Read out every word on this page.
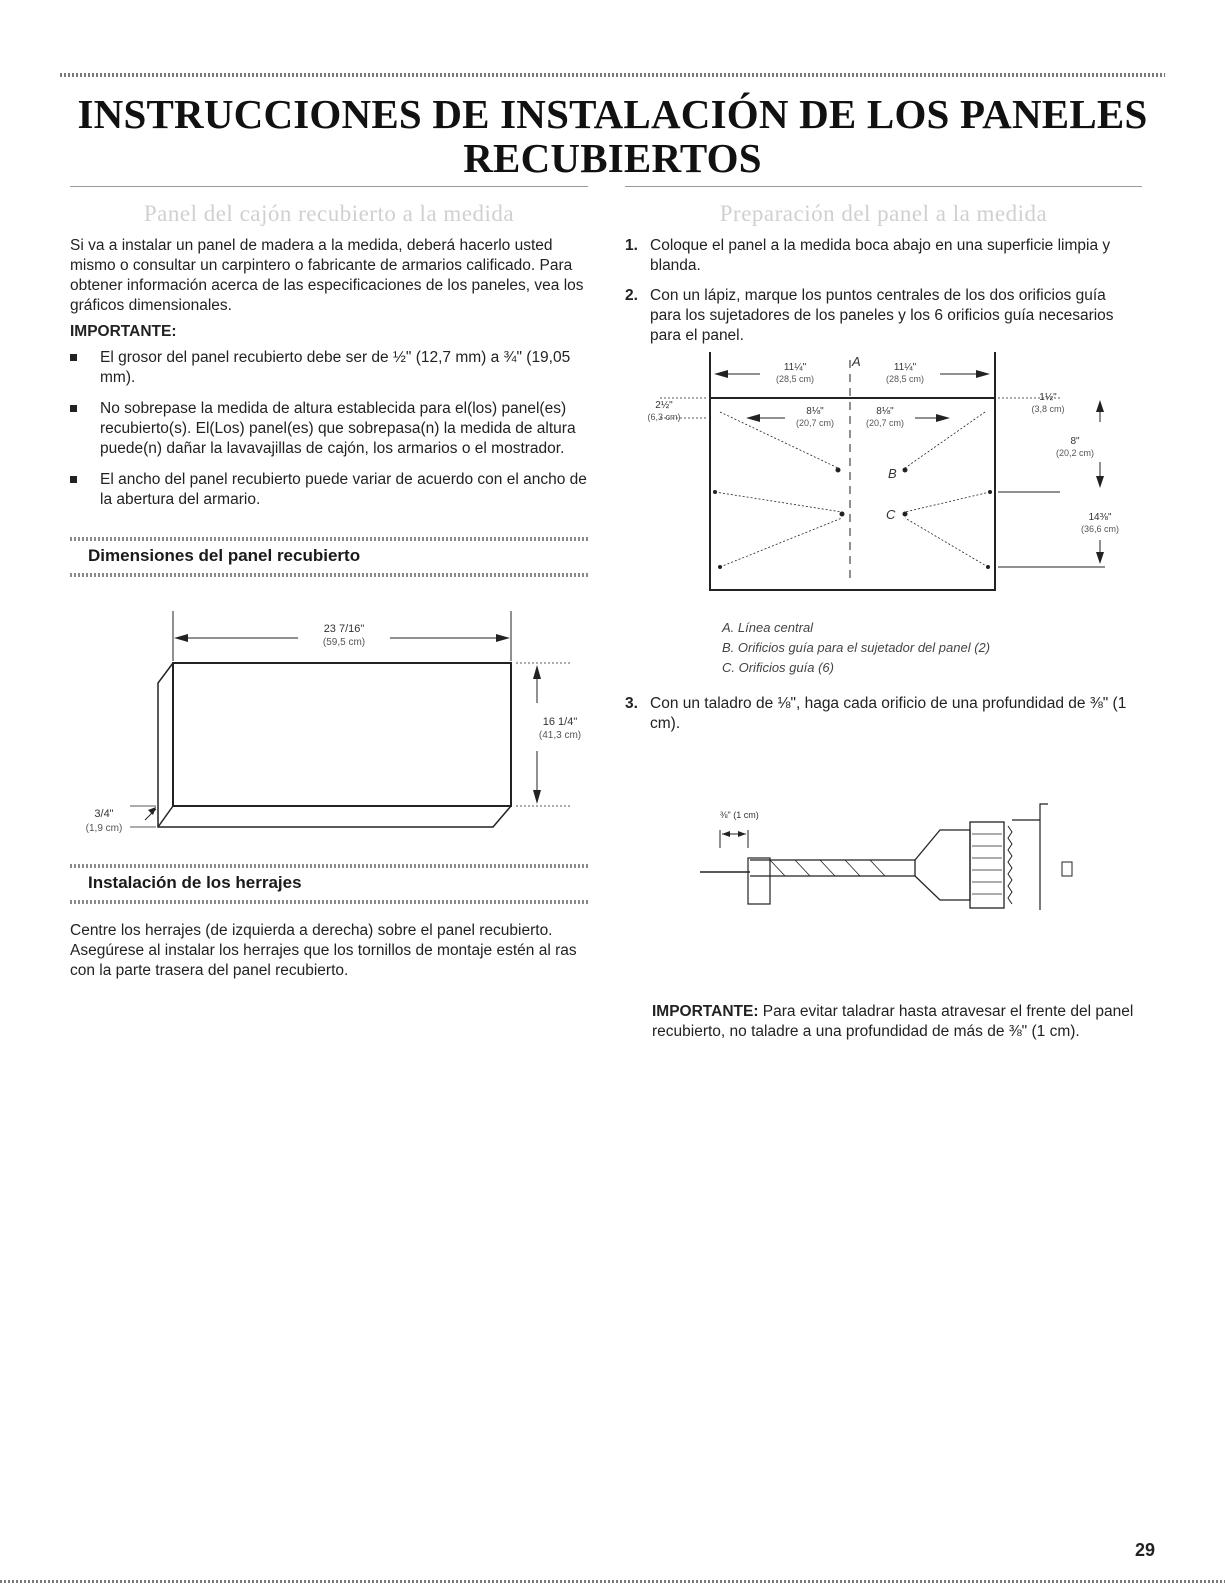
INSTRUCCIONES DE INSTALACIÓN DE LOS PANELES RECUBIERTOS
Panel del cajón recubierto a la medida

Si va a instalar un panel de madera a la medida, deberá hacerlo usted mismo o consultar un carpintero o fabricante de armarios calificado. Para obtener información acerca de las especificaciones de los paneles, vea los gráficos dimensionales.

IMPORTANTE:

El grosor del panel recubierto debe ser de ½" (12,7 mm) a ¾" (19,05 mm).
No sobrepase la medida de altura establecida para el(los) panel(es) recubierto(s). El(Los) panel(es) que sobrepasa(n) la medida de altura puede(n) dañar la lavavajillas de cajón, los armarios o el mostrador.
El ancho del panel recubierto puede variar de acuerdo con el ancho de la abertura del armario.
Dimensiones del panel recubierto
23 7/16"
(59,5 cm)
16 1/4"
(41,3 cm)
3/4"
(1,9 cm)
Instalación de los herrajes

Centre los herrajes (de izquierda a derecha) sobre el panel recubierto. Asegúrese al instalar los herrajes que los tornillos de montaje estén al ras con la parte trasera del panel recubierto.

Preparación del panel a la medida
1. Coloque el panel a la medida boca abajo en una superficie limpia y blanda.
2. Con un lápiz, marque los puntos centrales de los dos orificios guía para los sujetadores de los paneles y los 6 orificios guía necesarios para el panel.
A
B
C
11¼"
(28,5 cm)
11¼"
(28,5 cm)
8⅛"
(20,7 cm)
8⅛"
(20,7 cm)
2½"
(6,3 cm)
1½"
(3,8 cm)
8"
(20,2 cm)
14⅜"
(36,6 cm)

A. Línea central

B. Orificios guía para el sujetador del panel (2)

C. Orificios guía (6)

3. Con un taladro de ⅛", haga cada orificio de una profundidad de ⅜" (1 cm).
⅜" (1 cm)

IMPORTANTE: Para evitar taladrar hasta atravesar el frente del panel recubierto, no taladre a una profundidad de más de ⅜" (1 cm).

29
